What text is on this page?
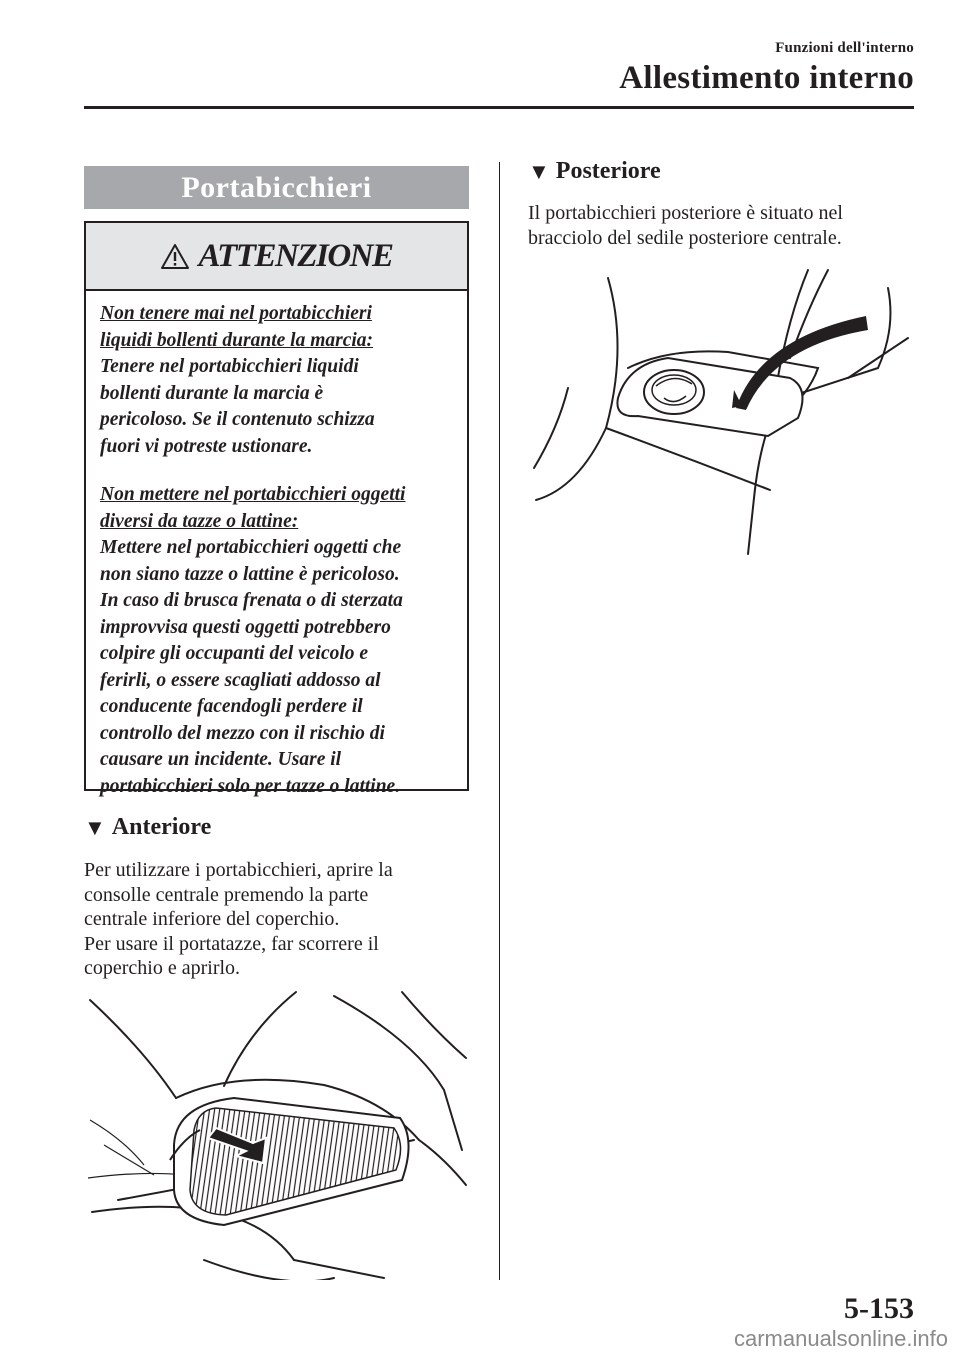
Funzioni dell'interno
Allestimento interno
Portabicchieri
ATTENZIONE

Non tenere mai nel portabicchieri

liquidi bollenti durante la marcia:

Tenere nel portabicchieri liquidi

bollenti durante la marcia è

pericoloso. Se il contenuto schizza

fuori vi potreste ustionare.

Non mettere nel portabicchieri oggetti

diversi da tazze o lattine:

Mettere nel portabicchieri oggetti che

non siano tazze o lattine è pericoloso.

In caso di brusca frenata o di sterzata

improvvisa questi oggetti potrebbero

colpire gli occupanti del veicolo e

ferirli, o essere scagliati addosso al

conducente facendogli perdere il

controllo del mezzo con il rischio di

causare un incidente. Usare il

portabicchieri solo per tazze o lattine.

▼ Anteriore
Per utilizzare i portabicchieri, aprire la
consolle centrale premendo la parte
centrale inferiore del coperchio.
Per usare il portatazze, far scorrere il
coperchio e aprirlo.
▼ Posteriore
Il portabicchieri posteriore è situato nel
bracciolo del sedile posteriore centrale.
5-153
carmanualsonline.info
